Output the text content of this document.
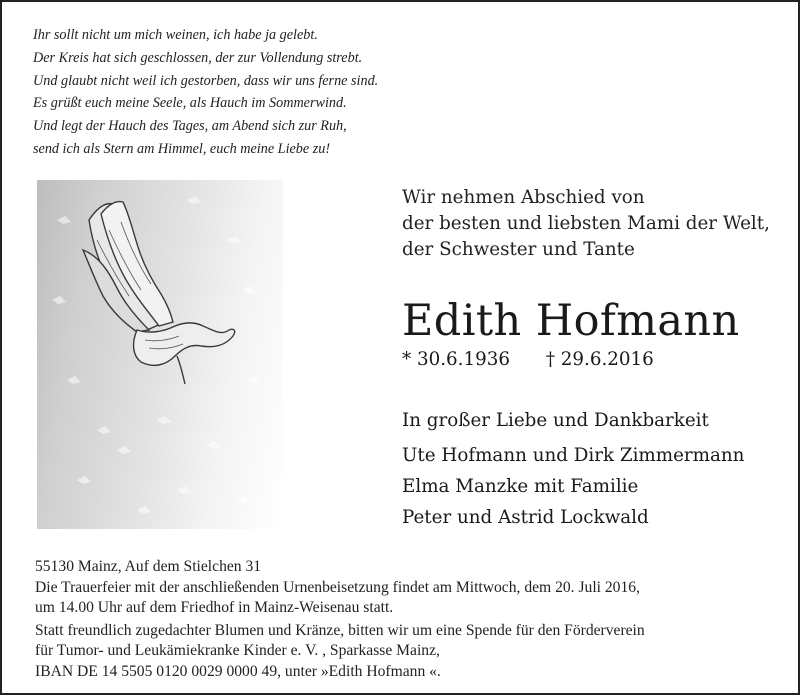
Ihr sollt nicht um mich weinen, ich habe ja gelebt.
Der Kreis hat sich geschlossen, der zur Vollendung strebt.
Und glaubt nicht weil ich gestorben, dass wir uns ferne sind.
Es grüßt euch meine Seele, als Hauch im Sommerwind.
Und legt der Hauch des Tages, am Abend sich zur Ruh,
send ich als Stern am Himmel, euch meine Liebe zu!
Wir nehmen Abschied von
der besten und liebsten Mami der Welt,
der Schwester und Tante
Edith Hofmann
* 30.6.1936 † 29.6.2016
In großer Liebe und Dankbarkeit
Ute Hofmann und Dirk Zimmermann
Elma Manzke mit Familie
Peter und Astrid Lockwald
55130 Mainz, Auf dem Stielchen 31
Die Trauerfeier mit der anschließenden Urnenbeisetzung findet am Mittwoch, dem 20. Juli 2016,
um 14.00 Uhr auf dem Friedhof in Mainz-Weisenau statt.
Statt freundlich zugedachter Blumen und Kränze, bitten wir um eine Spende für den Förderverein
für Tumor- und Leukämiekranke Kinder e. V. , Sparkasse Mainz,
IBAN DE 14 5505 0120 0029 0000 49, unter »Edith Hofmann «.
